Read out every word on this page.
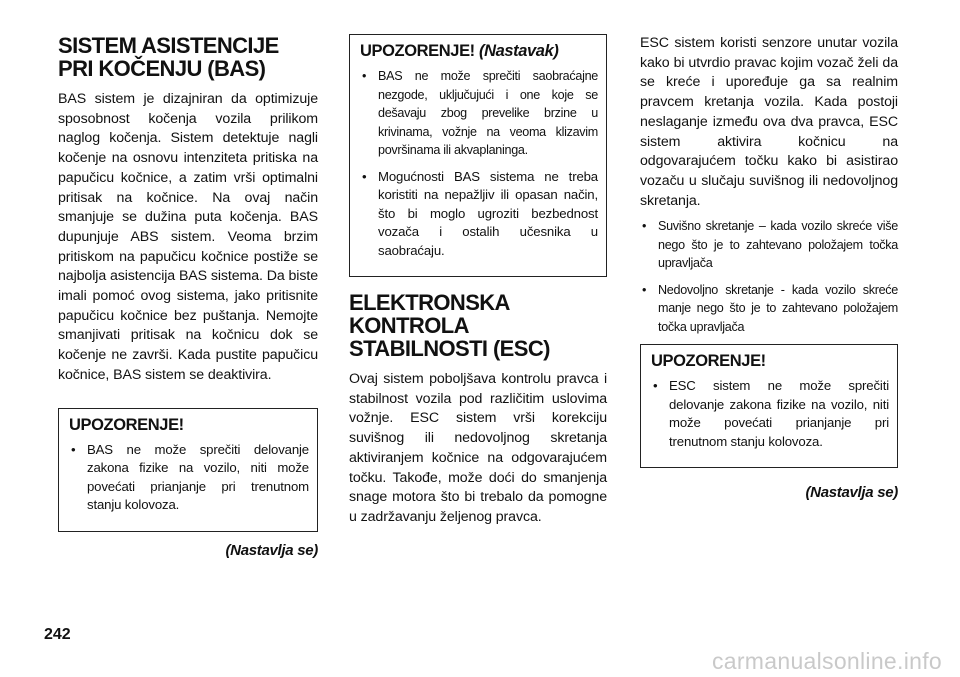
SISTEM ASISTENCIJE PRI KOČENJU (BAS)

BAS sistem je dizajniran da optimizuje sposobnost kočenja vozila prilikom naglog kočenja. Sistem detektuje nagli kočenje na osnovu intenziteta pritiska na papučicu kočnice, a zatim vrši optimalni pritisak na kočnice. Na ovaj način smanjuje se dužina puta kočenja. BAS dupunjuje ABS sistem. Veoma brzim pritiskom na papučicu kočnice postiže se najbolja asistencija BAS sistema. Da biste imali pomoć ovog sistema, jako pritisnite papučicu kočnice bez puštanja. Nemojte smanjivati pritisak na kočnicu dok se kočenje ne završi. Kada pustite papučicu kočnice, BAS sistem se deaktivira.

UPOZORENJE!
• BAS ne može sprečiti delovanje zakona fizike na vozilo, niti može povećati prianjanje pri trenutnom stanju kolovoza.
(Nastavlja se)
UPOZORENJE! (Nastavak)
• BAS ne može sprečiti saobraćajne nezgode, uključujući i one koje se dešavaju zbog prevelike brzine u krivinama, vožnje na veoma klizavim površinama ili akvaplaninga.
• Mogućnosti BAS sistema ne treba koristiti na nepažljiv ili opasan način, što bi moglo ugroziti bezbednost vozača i ostalih učesnika u saobraćaju.
ELEKTRONSKA KONTROLA STABILNOSTI (ESC)

Ovaj sistem poboljšava kontrolu pravca i stabilnost vozila pod različitim uslovima vožnje. ESC sistem vrši korekciju suvišnog ili nedovoljnog skretanja aktiviranjem kočnice na odgovarajućem točku. Takođe, može doći do smanjenja snage motora što bi trebalo da pomogne u zadržavanju željenog pravca.

ESC sistem koristi senzore unutar vozila kako bi utvrdio pravac kojim vozač želi da se kreće i upoređuje ga sa realnim pravcem kretanja vozila. Kada postoji neslaganje između ova dva pravca, ESC sistem aktivira kočnicu na odgovarajućem točku kako bi asistirao vozaču u slučaju suvišnog ili nedovoljnog skretanja.

• Suvišno skretanje – kada vozilo skreće više nego što je to zahtevano položajem točka upravljača
• Nedovoljno skretanje - kada vozilo skreće manje nego što je to zahtevano položajem točka upravljača
UPOZORENJE!
• ESC sistem ne može sprečiti delovanje zakona fizike na vozilo, niti može povećati prianjanje pri trenutnom stanju kolovoza.
(Nastavlja se)
242
carmanualsonline.info
